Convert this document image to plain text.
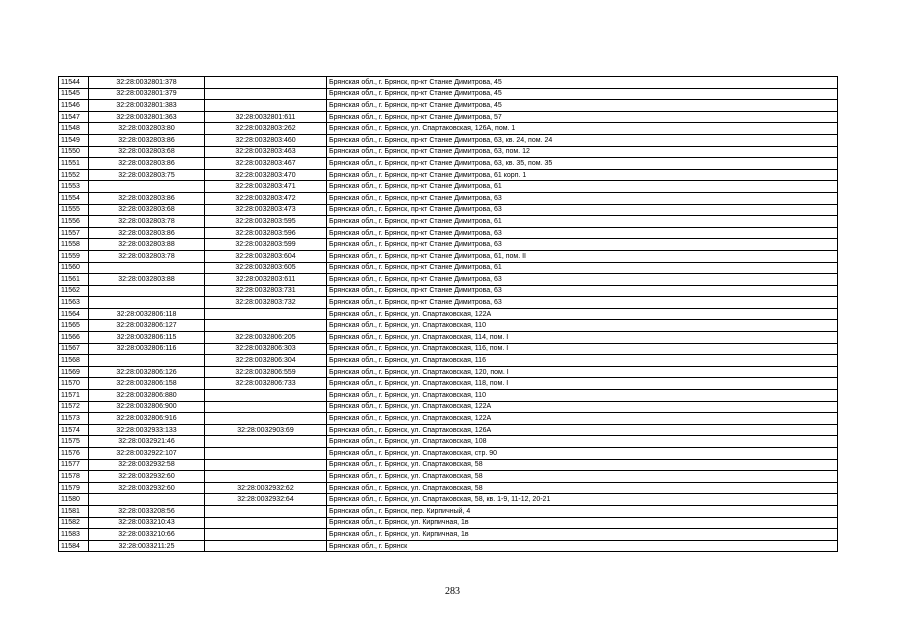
11544	32:28:0032801:378		Брянская обл., г. Брянск, пр-кт Станке Димитрова, 45
11545	32:28:0032801:379		Брянская обл., г. Брянск, пр-кт Станке Димитрова, 45
11546	32:28:0032801:383		Брянская обл., г. Брянск, пр-кт Станке Димитрова, 45
11547	32:28:0032801:363	32:28:0032801:611	Брянская обл., г. Брянск, пр-кт Станке Димитрова, 57
11548	32:28:0032803:80	32:28:0032803:262	Брянская обл., г. Брянск, ул. Спартаковская, 126А, пом. 1
11549	32:28:0032803:86	32:28:0032803:460	Брянская обл., г. Брянск, пр-кт Станке Димитрова, 63, кв. 24, пом. 24
11550	32:28:0032803:68	32:28:0032803:463	Брянская обл., г. Брянск, пр-кт Станке Димитрова, 63, пом. 12
11551	32:28:0032803:86	32:28:0032803:467	Брянская обл., г. Брянск, пр-кт Станке Димитрова, 63, кв. 35, пом. 35
11552	32:28:0032803:75	32:28:0032803:470	Брянская обл., г. Брянск, пр-кт Станке Димитрова, 61 корп. 1
11553		32:28:0032803:471	Брянская обл., г. Брянск, пр-кт Станке Димитрова, 61
11554	32:28:0032803:86	32:28:0032803:472	Брянская обл., г. Брянск, пр-кт Станке Димитрова, 63
11555	32:28:0032803:68	32:28:0032803:473	Брянская обл., г. Брянск, пр-кт Станке Димитрова, 63
11556	32:28:0032803:78	32:28:0032803:595	Брянская обл., г. Брянск, пр-кт Станке Димитрова, 61
11557	32:28:0032803:86	32:28:0032803:596	Брянская обл., г. Брянск, пр-кт Станке Димитрова, 63
11558	32:28:0032803:88	32:28:0032803:599	Брянская обл., г. Брянск, пр-кт Станке Димитрова, 63
11559	32:28:0032803:78	32:28:0032803:604	Брянская обл., г. Брянск, пр-кт Станке Димитрова, 61, пом. II
11560		32:28:0032803:605	Брянская обл., г. Брянск, пр-кт Станке Димитрова, 61
11561	32:28:0032803:88	32:28:0032803:611	Брянская обл., г. Брянск, пр-кт Станке Димитрова, 63
11562		32:28:0032803:731	Брянская обл., г. Брянск, пр-кт Станке Димитрова, 63
11563		32:28:0032803:732	Брянская обл., г. Брянск, пр-кт Станке Димитрова, 63
11564	32:28:0032806:118		Брянская обл., г. Брянск, ул. Спартаковская, 122А
11565	32:28:0032806:127		Брянская обл., г. Брянск, ул. Спартаковская, 110
11566	32:28:0032806:115	32:28:0032806:205	Брянская обл., г. Брянск, ул. Спартаковская, 114, пом. I
11567	32:28:0032806:116	32:28:0032806:303	Брянская обл., г. Брянск, ул. Спартаковская, 116, пом. I
11568		32:28:0032806:304	Брянская обл., г. Брянск, ул. Спартаковская, 116
11569	32:28:0032806:126	32:28:0032806:559	Брянская обл., г. Брянск, ул. Спартаковская, 120, пом. I
11570	32:28:0032806:158	32:28:0032806:733	Брянская обл., г. Брянск, ул. Спартаковская, 118, пом. I
11571	32:28:0032806:880		Брянская обл., г. Брянск, ул. Спартаковская, 110
11572	32:28:0032806:900		Брянская обл., г. Брянск, ул. Спартаковская, 122А
11573	32:28:0032806:916		Брянская обл., г. Брянск, ул. Спартаковская, 122А
11574	32:28:0032933:133	32:28:0032903:69	Брянская обл., г. Брянск, ул. Спартаковская, 126А
11575	32:28:0032921:46		Брянская обл., г. Брянск, ул. Спартаковская, 108
11576	32:28:0032922:107		Брянская обл., г. Брянск, ул. Спартаковская, стр. 90
11577	32:28:0032932:58		Брянская обл., г. Брянск, ул. Спартаковская, 58
11578	32:28:0032932:60		Брянская обл., г. Брянск, ул. Спартаковская, 58
11579	32:28:0032932:60	32:28:0032932:62	Брянская обл., г. Брянск, ул. Спартаковская, 58
11580		32:28:0032932:64	Брянская обл., г. Брянск, ул. Спартаковская, 58, кв. 1-9, 11-12, 20-21
11581	32:28:0033208:56		Брянская обл., г. Брянск, пер. Кирпичный, 4
11582	32:28:0033210:43		Брянская обл., г. Брянск, ул. Кирпичная, 1в
11583	32:28:0033210:66		Брянская обл., г. Брянск, ул. Кирпичная, 1в
11584	32:28:0033211:25		Брянская обл., г. Брянск
283
